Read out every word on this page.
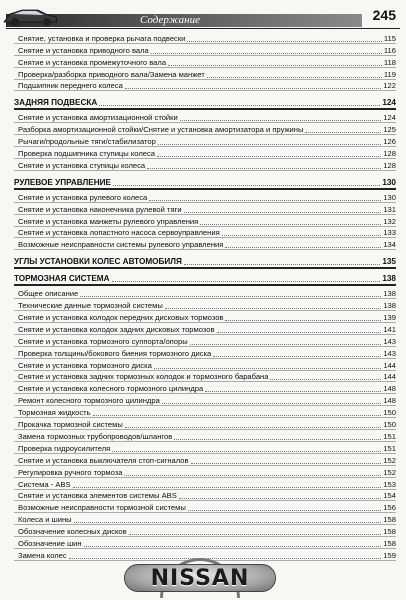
Содержание	245
Снятие, установка и проверка рычага подвески	115
Снятие и установка приводного вала	116
Снятие и установка промежуточного вала	118
Проверка/разборка приводного вала/Замена манжет	119
Подшипник переднего колеса	122
ЗАДНЯЯ ПОДВЕСКА	124
Снятие и установка амортизационной стойки	124
Разборка амортизационной стойки/Снятие и установка амортизатора и пружины	125
Рычаги/продольные тяги/стабилизатор	126
Проверка подшипника ступицы колеса	128
Снятие и установка ступицы колеса	128
РУЛЕВОЕ УПРАВЛЕНИЕ	130
Снятие и установка рулевого колеса	130
Снятие и установка наконечника рулевой тяги	131
Снятие и установка манжеты рулевого управления	132
Снятие и установка лопастного насоса сервоуправления	133
Возможные неисправности системы рулевого управления	134
УГЛЫ УСТАНОВКИ КОЛЕС АВТОМОБИЛЯ	135
ТОРМОЗНАЯ СИСТЕМА	138
Общее описание	138
Технические данные тормозной системы	138
Снятие и установка колодок передних дисковых тормозов	139
Снятие и установка колодок задних дисковых тормозов	141
Снятие и установка тормозного суппорта/опоры	143
Проверка толщины/бокового биения тормозного диска	143
Снятие и установка тормозного диска	144
Снятие и установка задних тормозных колодок и тормозного барабана	144
Снятие и установка колесного тормозного цилиндра	148
Ремонт колесного тормозного цилиндра	148
Тормозная жидкость	150
Прокачка тормозной системы	150
Замена тормозных трубопроводов/шлангов	151
Проверка гидроусилителя	151
Снятие и установка выключателя стоп-сигналов	152
Регулировка ручного тормоза	152
Система - ABS	153
Снятие и установка элементов системы ABS	154
Возможные неисправности тормозной системы	156
Колеса и шины	158
Обозначение колесных дисков	158
Обозначение шин	158
Замена колес	159
NISSAN
